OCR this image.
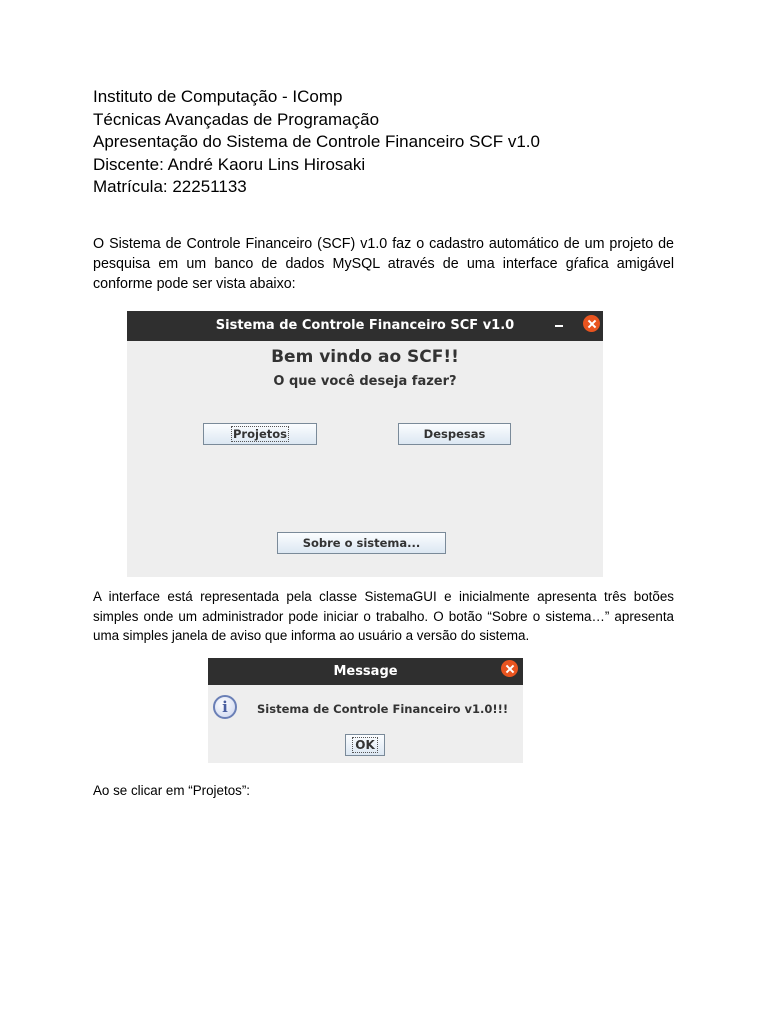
Instituto de Computação - IComp
Técnicas Avançadas de Programação
Apresentação do Sistema de Controle Financeiro SCF v1.0
Discente: André Kaoru Lins Hirosaki
Matrícula: 22251133

O Sistema de Controle Financeiro (SCF) v1.0 faz o cadastro automático de um projeto de pesquisa em um banco de dados MySQL através de uma interface gŕafica amigável conforme pode ser vista abaixo:

Sistema de Controle Financeiro SCF v1.0
Bem vindo ao SCF!!
O que você deseja fazer?
Projetos	Despesas
Sobre o sistema...

A interface está representada pela classe SistemaGUI e inicialmente apresenta três botões simples onde um administrador pode iniciar o trabalho. O botão “Sobre o sistema…” apresenta uma simples janela de aviso que informa ao usuário a versão do sistema.

Message
i	Sistema de Controle Financeiro v1.0!!!
OK

Ao se clicar em “Projetos”:
